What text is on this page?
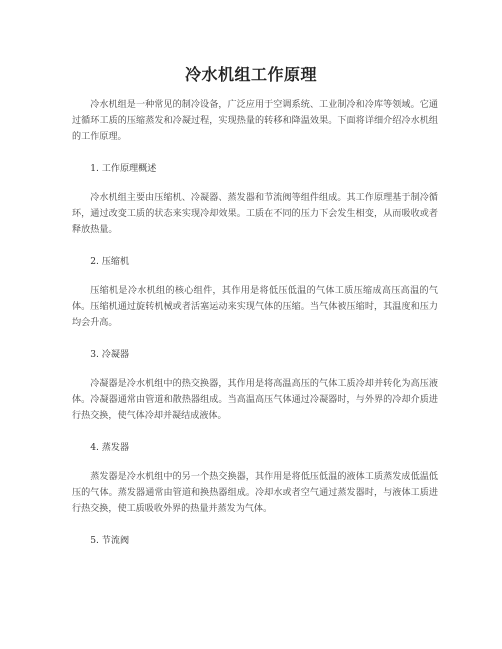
冷水机组工作原理

冷水机组是一种常见的制冷设备，广泛应用于空调系统、工业制冷和冷库等领域。它通过循环工质的压缩蒸发和冷凝过程，实现热量的转移和降温效果。下面将详细介绍冷水机组的工作原理。

1. 工作原理概述

冷水机组主要由压缩机、冷凝器、蒸发器和节流阀等组件组成。其工作原理基于制冷循环，通过改变工质的状态来实现冷却效果。工质在不同的压力下会发生相变，从而吸收或者释放热量。

2. 压缩机

压缩机是冷水机组的核心组件，其作用是将低压低温的气体工质压缩成高压高温的气体。压缩机通过旋转机械或者活塞运动来实现气体的压缩。当气体被压缩时，其温度和压力均会升高。

3. 冷凝器

冷凝器是冷水机组中的热交换器，其作用是将高温高压的气体工质冷却并转化为高压液体。冷凝器通常由管道和散热器组成。当高温高压气体通过冷凝器时，与外界的冷却介质进行热交换，使气体冷却并凝结成液体。

4. 蒸发器

蒸发器是冷水机组中的另一个热交换器，其作用是将低压低温的液体工质蒸发成低温低压的气体。蒸发器通常由管道和换热器组成。冷却水或者空气通过蒸发器时，与液体工质进行热交换，使工质吸收外界的热量并蒸发为气体。

5. 节流阀
